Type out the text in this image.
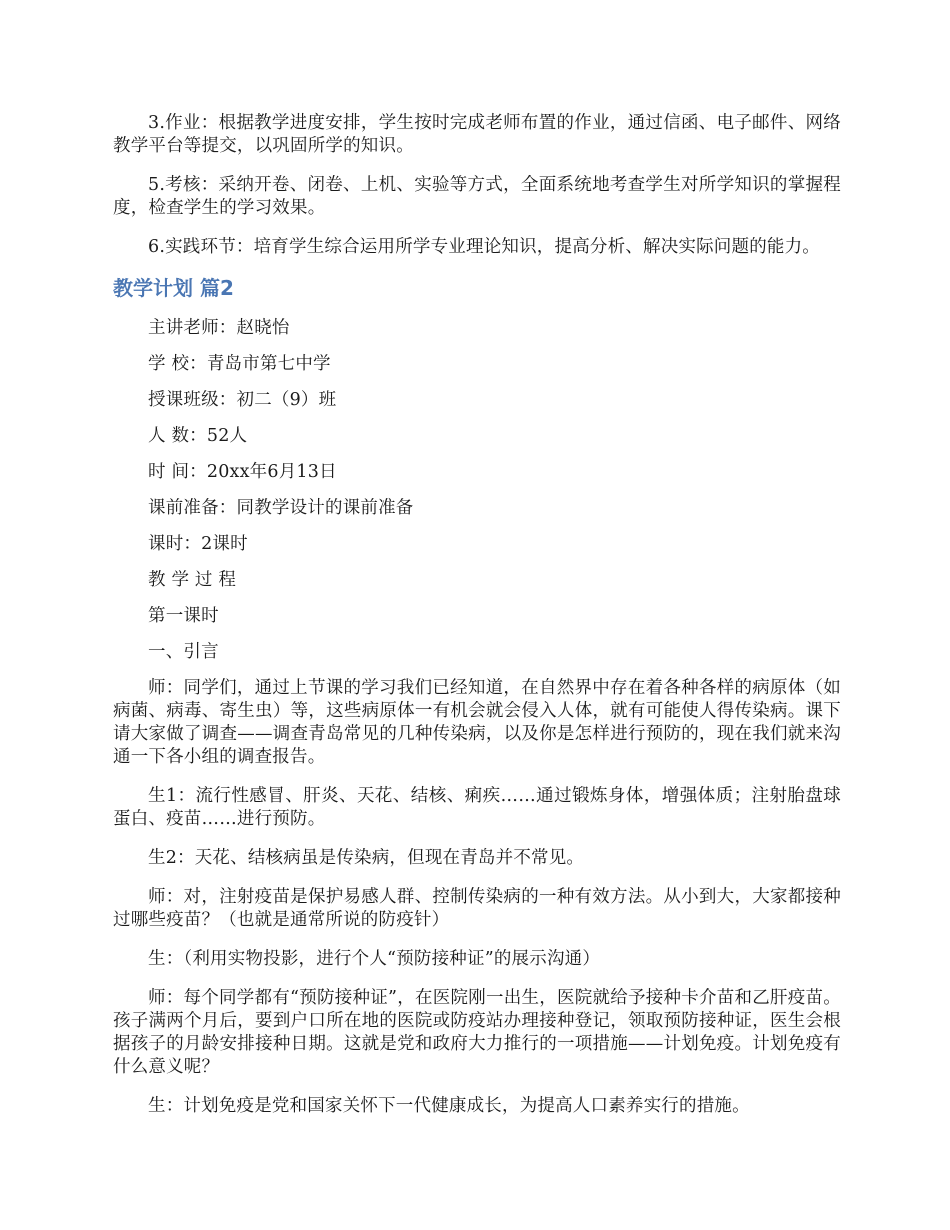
3.作业：根据教学进度安排，学生按时完成老师布置的作业，通过信函、电子邮件、网络教学平台等提交，以巩固所学的知识。

5.考核：采纳开卷、闭卷、上机、实验等方式，全面系统地考查学生对所学知识的掌握程度，检查学生的学习效果。

6.实践环节：培育学生综合运用所学专业理论知识，提高分析、解决实际问题的能力。

教学计划 篇2

主讲老师：赵晓怡

学 校：青岛市第七中学

授课班级：初二（9）班

人 数：52人

时 间：20xx年6月13日

课前准备：同教学设计的课前准备

课时：2课时

教 学 过 程

第一课时

一、引言

师：同学们，通过上节课的学习我们已经知道，在自然界中存在着各种各样的病原体（如病菌、病毒、寄生虫）等，这些病原体一有机会就会侵入人体，就有可能使人得传染病。课下请大家做了调查——调查青岛常见的几种传染病，以及你是怎样进行预防的，现在我们就来沟通一下各小组的调查报告。

生1：流行性感冒、肝炎、天花、结核、痢疾……通过锻炼身体，增强体质；注射胎盘球蛋白、疫苗……进行预防。

生2：天花、结核病虽是传染病，但现在青岛并不常见。

师：对，注射疫苗是保护易感人群、控制传染病的一种有效方法。从小到大，大家都接种过哪些疫苗？（也就是通常所说的防疫针）

生：（利用实物投影，进行个人“预防接种证”的展示沟通）

师：每个同学都有“预防接种证”，在医院刚一出生，医院就给予接种卡介苗和乙肝疫苗。孩子满两个月后，要到户口所在地的医院或防疫站办理接种登记，领取预防接种证，医生会根据孩子的月龄安排接种日期。这就是党和政府大力推行的一项措施——计划免疫。计划免疫有什么意义呢？

生：计划免疫是党和国家关怀下一代健康成长，为提高人口素养实行的措施。
